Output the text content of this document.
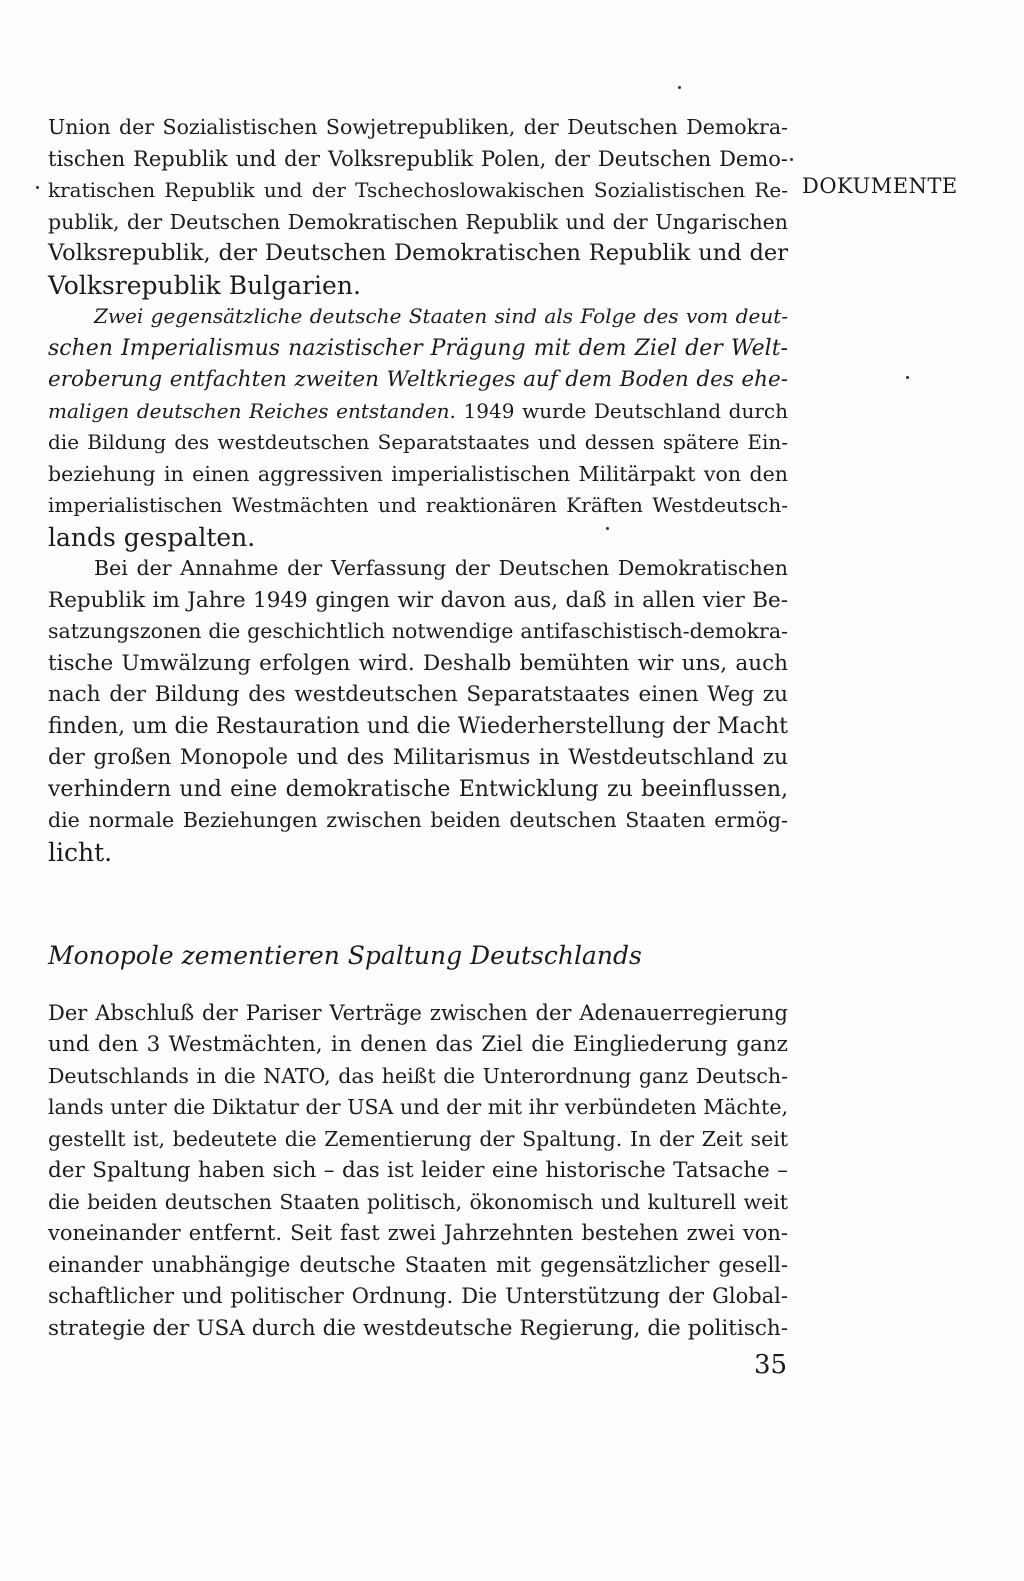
Union der Sozialistischen Sowjetrepubliken, der Deutschen Demokra-
tischen Republik und der Volksrepublik Polen, der Deutschen Demo-
kratischen Republik und der Tschechoslowakischen Sozialistischen Re-
publik, der Deutschen Demokratischen Republik und der Ungarischen
Volksrepublik, der Deutschen Demokratischen Republik und der
Volksrepublik Bulgarien.
Zwei gegensätzliche deutsche Staaten sind als Folge des vom deut-
schen Imperialismus nazistischer Prägung mit dem Ziel der Welt-
eroberung entfachten zweiten Weltkrieges auf dem Boden des ehe-
maligen deutschen Reiches entstanden. 1949 wurde Deutschland durch
die Bildung des westdeutschen Separatstaates und dessen spätere Ein-
beziehung in einen aggressiven imperialistischen Militärpakt von den
imperialistischen Westmächten und reaktionären Kräften Westdeutsch-
lands gespalten.
Bei der Annahme der Verfassung der Deutschen Demokratischen
Republik im Jahre 1949 gingen wir davon aus, daß in allen vier Be-
satzungszonen die geschichtlich notwendige antifaschistisch-demokra-
tische Umwälzung erfolgen wird. Deshalb bemühten wir uns, auch
nach der Bildung des westdeutschen Separatstaates einen Weg zu
finden, um die Restauration und die Wiederherstellung der Macht
der großen Monopole und des Militarismus in Westdeutschland zu
verhindern und eine demokratische Entwicklung zu beeinflussen,
die normale Beziehungen zwischen beiden deutschen Staaten ermög-
licht.
Monopole zementieren Spaltung Deutschlands
Der Abschluß der Pariser Verträge zwischen der Adenauerregierung
und den 3 Westmächten, in denen das Ziel die Eingliederung ganz
Deutschlands in die NATO, das heißt die Unterordnung ganz Deutsch-
lands unter die Diktatur der USA und der mit ihr verbündeten Mächte,
gestellt ist, bedeutete die Zementierung der Spaltung. In der Zeit seit
der Spaltung haben sich – das ist leider eine historische Tatsache –
die beiden deutschen Staaten politisch, ökonomisch und kulturell weit
voneinander entfernt. Seit fast zwei Jahrzehnten bestehen zwei von-
einander unabhängige deutsche Staaten mit gegensätzlicher gesell-
schaftlicher und politischer Ordnung. Die Unterstützung der Global-
strategie der USA durch die westdeutsche Regierung, die politisch-
DOKUMENTE
35
